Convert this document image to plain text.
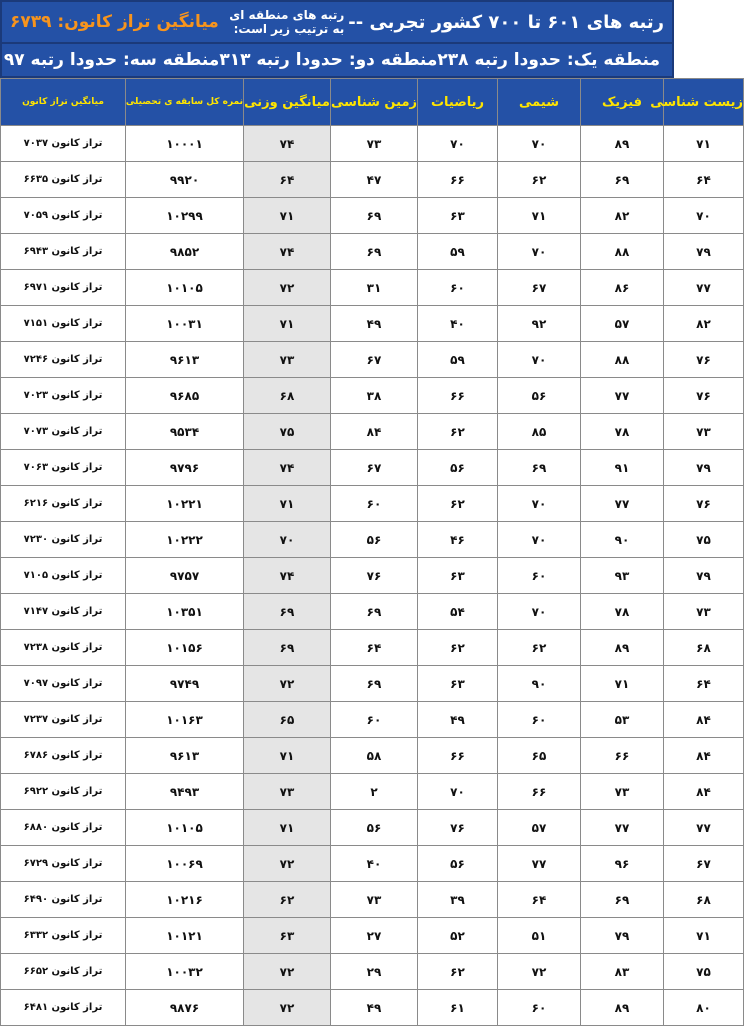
رتبه های ۶۰۱ تا ۷۰۰ کشور تجربی --
رتبه های منطقه ای به ترتیب زیر است:
میانگین تراز کانون: ۶۷۳۹
منطقه یک: حدودا رتبه ۲۳۸
منطقه دو: حدودا رتبه ۳۱۳
منطقه سه: حدودا رتبه ۹۷
زیست شناسی	فیزیک	شیمی	ریاضیات	زمین شناسی	میانگین وزنی	نمره کل سابقه ی تحصیلی	میانگین تراز کانون
۷۱	۸۹	۷۰	۷۰	۷۳	۷۴	۱۰۰۰۱	تراز کانون ۷۰۳۷
۶۴	۶۹	۶۲	۶۶	۴۷	۶۴	۹۹۲۰	تراز کانون ۶۶۳۵
۷۰	۸۲	۷۱	۶۳	۶۹	۷۱	۱۰۲۹۹	تراز کانون ۷۰۵۹
۷۹	۸۸	۷۰	۵۹	۶۹	۷۴	۹۸۵۲	تراز کانون ۶۹۴۳
۷۷	۸۶	۶۷	۶۰	۳۱	۷۲	۱۰۱۰۵	تراز کانون ۶۹۷۱
۸۲	۵۷	۹۲	۴۰	۴۹	۷۱	۱۰۰۳۱	تراز کانون ۷۱۵۱
۷۶	۸۸	۷۰	۵۹	۶۷	۷۳	۹۶۱۳	تراز کانون ۷۲۴۶
۷۶	۷۷	۵۶	۶۶	۳۸	۶۸	۹۶۸۵	تراز کانون ۷۰۲۳
۷۳	۷۸	۸۵	۶۲	۸۴	۷۵	۹۵۳۴	تراز کانون ۷۰۷۳
۷۹	۹۱	۶۹	۵۶	۶۷	۷۴	۹۷۹۶	تراز کانون ۷۰۶۳
۷۶	۷۷	۷۰	۶۲	۶۰	۷۱	۱۰۲۲۱	تراز کانون ۶۲۱۶
۷۵	۹۰	۷۰	۴۶	۵۶	۷۰	۱۰۲۲۲	تراز کانون ۷۲۳۰
۷۹	۹۳	۶۰	۶۳	۷۶	۷۴	۹۷۵۷	تراز کانون ۷۱۰۵
۷۳	۷۸	۷۰	۵۴	۶۹	۶۹	۱۰۳۵۱	تراز کانون ۷۱۴۷
۶۸	۸۹	۶۲	۶۲	۶۴	۶۹	۱۰۱۵۶	تراز کانون ۷۲۳۸
۶۴	۷۱	۹۰	۶۳	۶۹	۷۲	۹۷۴۹	تراز کانون ۷۰۹۷
۸۴	۵۳	۶۰	۴۹	۶۰	۶۵	۱۰۱۶۳	تراز کانون ۷۲۳۷
۸۴	۶۶	۶۵	۶۶	۵۸	۷۱	۹۶۱۳	تراز کانون ۶۷۸۶
۸۴	۷۳	۶۶	۷۰	۲	۷۳	۹۴۹۳	تراز کانون ۶۹۲۲
۷۷	۷۷	۵۷	۷۶	۵۶	۷۱	۱۰۱۰۵	تراز کانون ۶۸۸۰
۶۷	۹۶	۷۷	۵۶	۴۰	۷۲	۱۰۰۶۹	تراز کانون ۶۷۲۹
۶۸	۶۹	۶۴	۳۹	۷۳	۶۲	۱۰۲۱۶	تراز کانون ۶۴۹۰
۷۱	۷۹	۵۱	۵۲	۲۷	۶۳	۱۰۱۲۱	تراز کانون ۶۳۳۲
۷۵	۸۳	۷۲	۶۲	۲۹	۷۲	۱۰۰۳۲	تراز کانون ۶۶۵۲
۸۰	۸۹	۶۰	۶۱	۴۹	۷۲	۹۸۷۶	تراز کانون ۶۴۸۱
